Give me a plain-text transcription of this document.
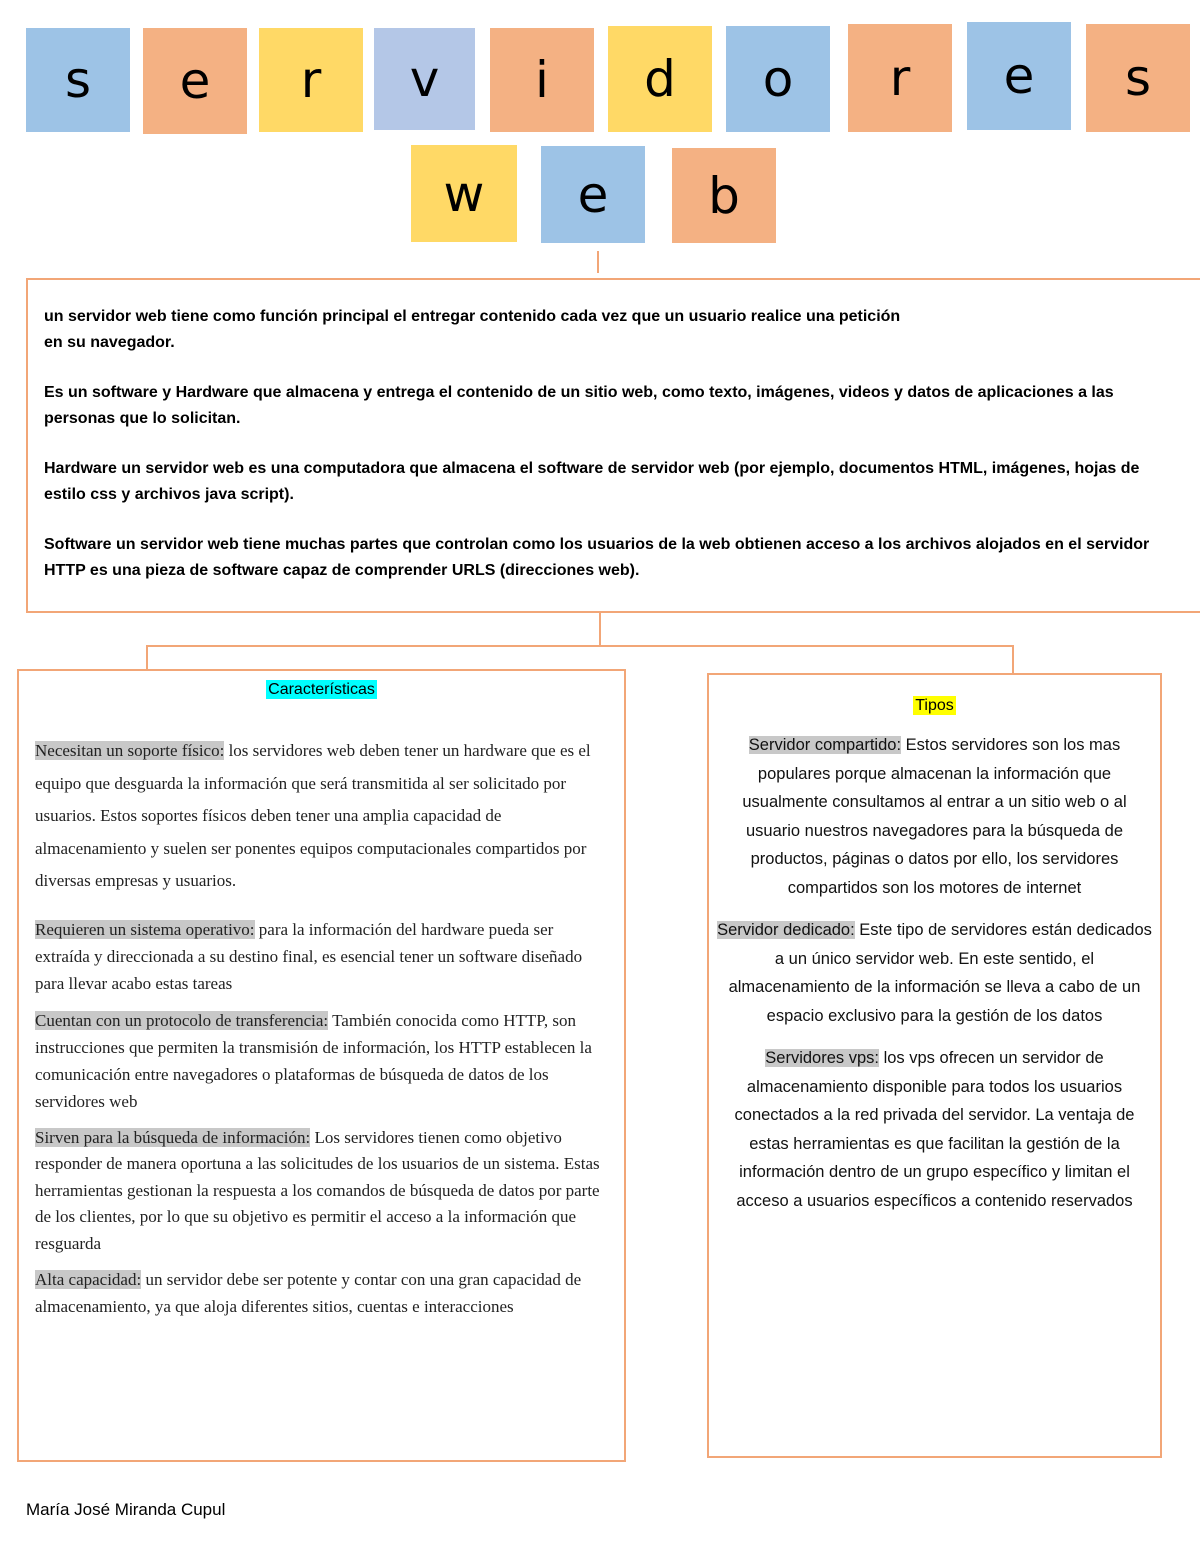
s e r v i d o r e s
w e b

un servidor web tiene como función principal el entregar contenido cada vez que un usuario realice una petición
en su navegador.

Es un software y Hardware que almacena y entrega el contenido de un sitio web, como texto, imágenes, videos y datos de aplicaciones a las personas que lo solicitan.

Hardware un servidor web es una computadora que almacena el software de servidor web (por ejemplo, documentos HTML, imágenes, hojas de estilo css y archivos java script).

Software un servidor web tiene muchas partes que controlan como los usuarios de la web obtienen acceso a los archivos alojados en el servidor HTTP es una pieza de software capaz de comprender URLS (direcciones web).

Características
Necesitan un soporte físico: los servidores web deben tener un hardware que es el equipo que desguarda la información que será transmitida al ser solicitado por usuarios. Estos soportes físicos deben tener una amplia capacidad de almacenamiento y suelen ser ponentes equipos computacionales compartidos por diversas empresas y usuarios.
Requieren un sistema operativo: para la información del hardware pueda ser extraída y direccionada a su destino final, es esencial tener un software diseñado para llevar acabo estas tareas
Cuentan con un protocolo de transferencia: También conocida como HTTP, son instrucciones que permiten la transmisión de información, los HTTP establecen la comunicación entre navegadores o plataformas de búsqueda de datos de los servidores web
Sirven para la búsqueda de información: Los servidores tienen como objetivo responder de manera oportuna a las solicitudes de los usuarios de un sistema. Estas herramientas gestionan la respuesta a los comandos de búsqueda de datos por parte de los clientes, por lo que su objetivo es permitir el acceso a la información que resguarda
Alta capacidad: un servidor debe ser potente y contar con una gran capacidad de almacenamiento, ya que aloja diferentes sitios, cuentas e interacciones
Tipos
Servidor compartido: Estos servidores son los mas populares porque almacenan la información que usualmente consultamos al entrar a un sitio web o al usuario nuestros navegadores para la búsqueda de productos, páginas o datos por ello, los servidores compartidos son los motores de internet
Servidor dedicado: Este tipo de servidores están dedicados a un único servidor web. En este sentido, el almacenamiento de la información se lleva a cabo de un espacio exclusivo para la gestión de los datos
Servidores vps: los vps ofrecen un servidor de almacenamiento disponible para todos los usuarios conectados a la red privada del servidor. La ventaja de estas herramientas es que facilitan la gestión de la información dentro de un grupo específico y limitan el acceso a usuarios específicos a contenido reservados
María José Miranda Cupul
